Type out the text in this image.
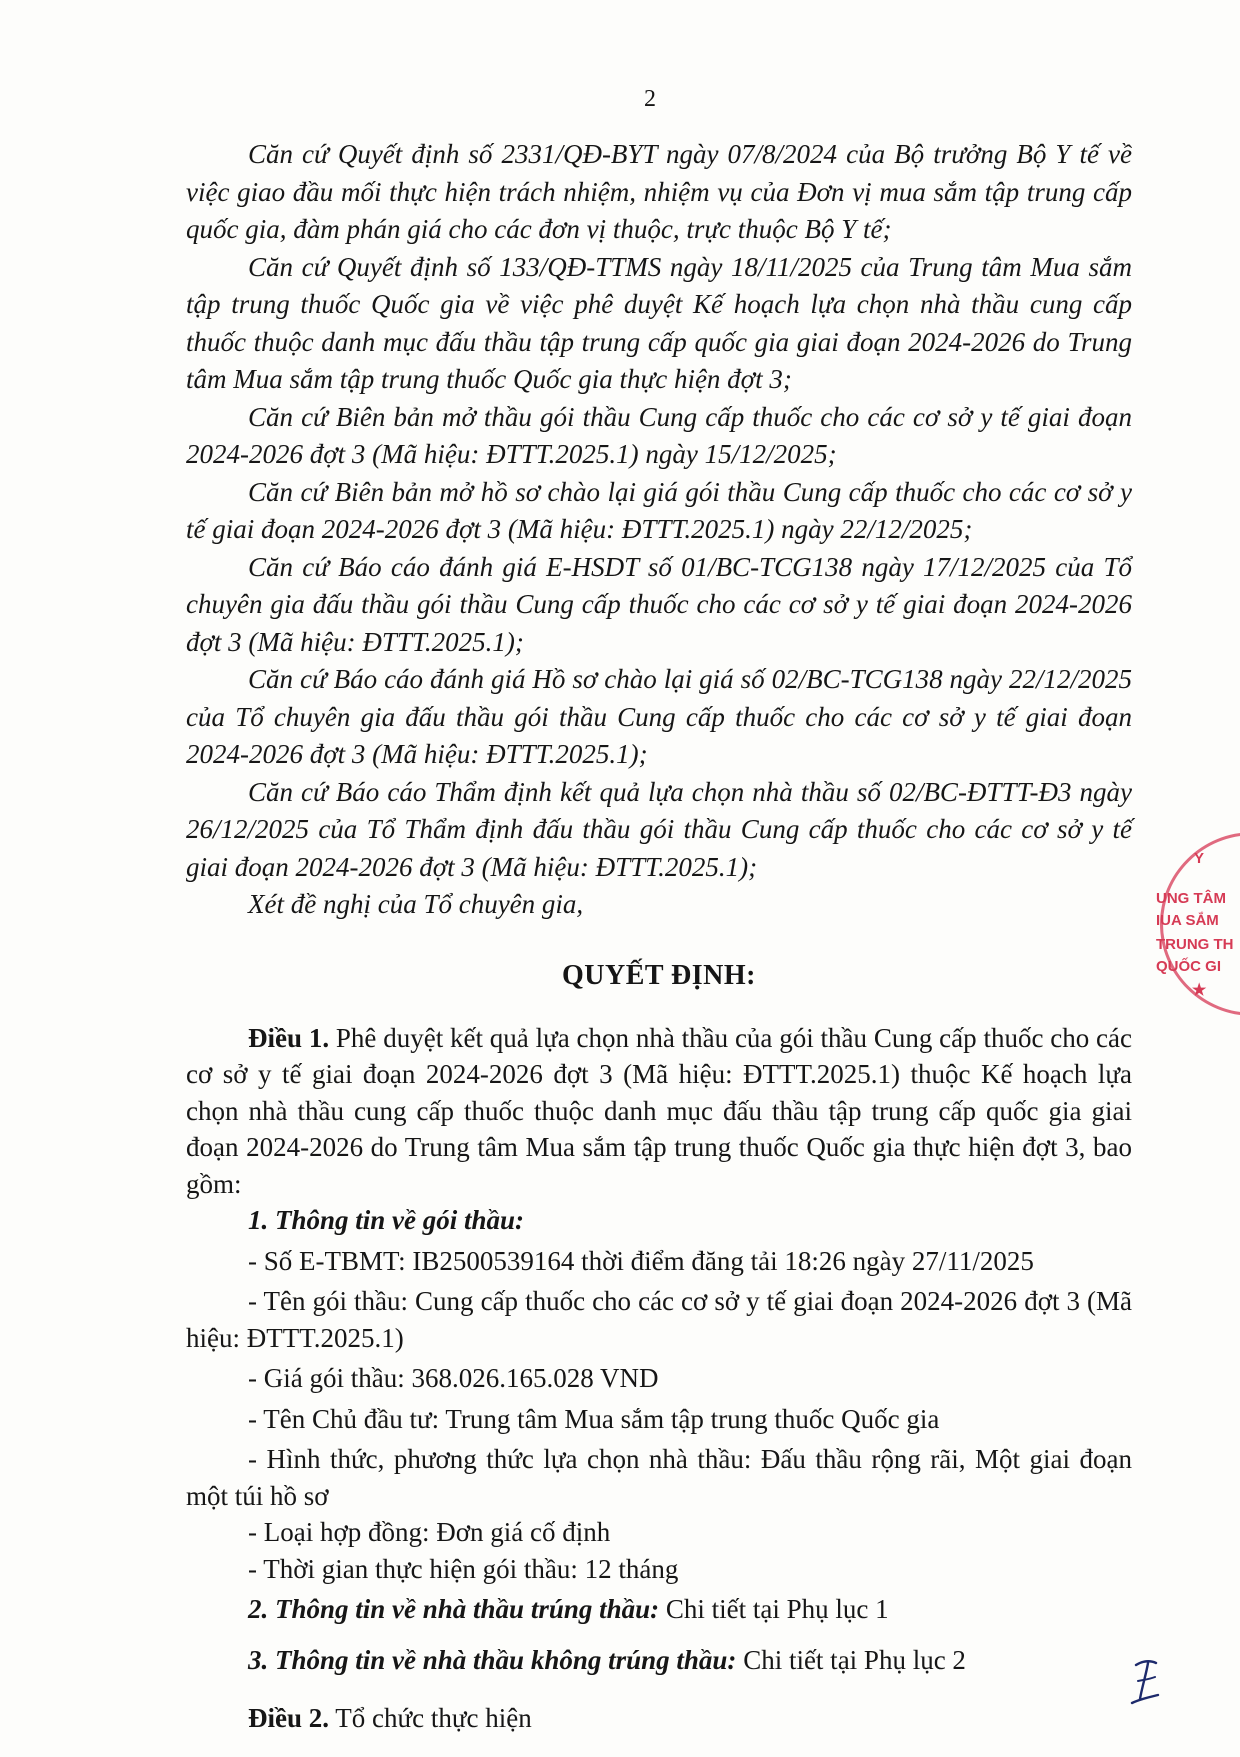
2

Căn cứ Quyết định số 2331/QĐ-BYT ngày 07/8/2024 của Bộ trưởng Bộ Y tế về việc giao đầu mối thực hiện trách nhiệm, nhiệm vụ của Đơn vị mua sắm tập trung cấp quốc gia, đàm phán giá cho các đơn vị thuộc, trực thuộc Bộ Y tế;

Căn cứ Quyết định số 133/QĐ-TTMS ngày 18/11/2025 của Trung tâm Mua sắm tập trung thuốc Quốc gia về việc phê duyệt Kế hoạch lựa chọn nhà thầu cung cấp thuốc thuộc danh mục đấu thầu tập trung cấp quốc gia giai đoạn 2024-2026 do Trung tâm Mua sắm tập trung thuốc Quốc gia thực hiện đợt 3;

Căn cứ Biên bản mở thầu gói thầu Cung cấp thuốc cho các cơ sở y tế giai đoạn 2024-2026 đợt 3 (Mã hiệu: ĐTTT.2025.1) ngày 15/12/2025;

Căn cứ Biên bản mở hồ sơ chào lại giá gói thầu Cung cấp thuốc cho các cơ sở y tế giai đoạn 2024-2026 đợt 3 (Mã hiệu: ĐTTT.2025.1) ngày 22/12/2025;

Căn cứ Báo cáo đánh giá E-HSDT số 01/BC-TCG138 ngày 17/12/2025 của Tổ chuyên gia đấu thầu gói thầu Cung cấp thuốc cho các cơ sở y tế giai đoạn 2024-2026 đợt 3 (Mã hiệu: ĐTTT.2025.1);

Căn cứ Báo cáo đánh giá Hồ sơ chào lại giá số 02/BC-TCG138 ngày 22/12/2025 của Tổ chuyên gia đấu thầu gói thầu Cung cấp thuốc cho các cơ sở y tế giai đoạn 2024-2026 đợt 3 (Mã hiệu: ĐTTT.2025.1);

Căn cứ Báo cáo Thẩm định kết quả lựa chọn nhà thầu số 02/BC-ĐTTT-Đ3 ngày 26/12/2025 của Tổ Thẩm định đấu thầu gói thầu Cung cấp thuốc cho các cơ sở y tế giai đoạn 2024-2026 đợt 3 (Mã hiệu: ĐTTT.2025.1);

Xét đề nghị của Tổ chuyên gia,

QUYẾT ĐỊNH:

Điều 1. Phê duyệt kết quả lựa chọn nhà thầu của gói thầu Cung cấp thuốc cho các cơ sở y tế giai đoạn 2024-2026 đợt 3 (Mã hiệu: ĐTTT.2025.1) thuộc Kế hoạch lựa chọn nhà thầu cung cấp thuốc thuộc danh mục đấu thầu tập trung cấp quốc gia giai đoạn 2024-2026 do Trung tâm Mua sắm tập trung thuốc Quốc gia thực hiện đợt 3, bao gồm:

1. Thông tin về gói thầu:

- Số E-TBMT: IB2500539164 thời điểm đăng tải 18:26 ngày 27/11/2025

- Tên gói thầu: Cung cấp thuốc cho các cơ sở y tế giai đoạn 2024-2026 đợt 3 (Mã hiệu: ĐTTT.2025.1)

- Giá gói thầu: 368.026.165.028 VND

- Tên Chủ đầu tư: Trung tâm Mua sắm tập trung thuốc Quốc gia

- Hình thức, phương thức lựa chọn nhà thầu: Đấu thầu rộng rãi, Một giai đoạn một túi hồ sơ

- Loại hợp đồng: Đơn giá cố định

- Thời gian thực hiện gói thầu: 12 tháng

2. Thông tin về nhà thầu trúng thầu: Chi tiết tại Phụ lục 1

3. Thông tin về nhà thầu không trúng thầu: Chi tiết tại Phụ lục 2

Điều 2. Tổ chức thực hiện

Y
UNG TÂM
IUA SẮM
TRUNG TH
QUỐC GI
★
